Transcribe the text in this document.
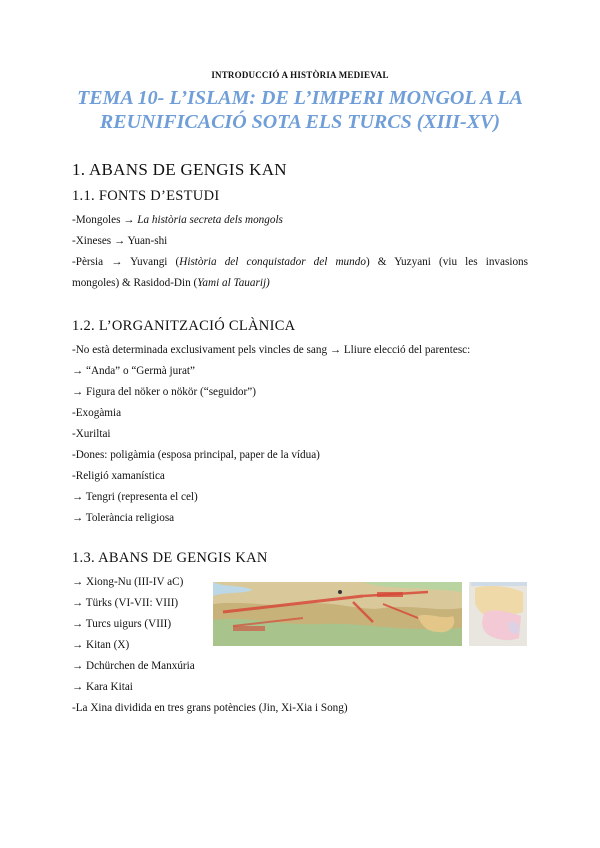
INTRODUCCIÓ A HISTÒRIA MEDIEVAL
TEMA 10- L’ISLAM: DE L’IMPERI MONGOL A LA
REUNIFICACIÓ SOTA ELS TURCS (XIII-XV)
1. ABANS DE GENGIS KAN
1.1. FONTS D’ESTUDI
-Mongoles → La història secreta dels mongols
-Xineses → Yuan-shi
-Pèrsia → Yuvangi (Història del conquistador del mundo) & Yuzyani (viu les invasions
mongoles) & Rasidod-Din (Yami al Tauarij)
1.2. L’ORGANITZACIÓ CLÀNICA
-No està determinada exclusivament pels vincles de sang → Lliure elecció del parentesc:
→ “Anda” o “Germà jurat”
→ Figura del nöker o nökör (“seguidor”)
-Exogàmia
-Xuriltai
-Dones: poligàmia (esposa principal, paper de la vídua)
-Religió xamanística
→ Tengri (representa el cel)
→ Tolerància religiosa
1.3. ABANS DE GENGIS KAN
→ Xiong-Nu (III-IV aC)
→ Türks (VI-VII: VIII)
→ Turcs uigurs (VIII)
→ Kitan (X)
→ Dchürchen de Manxúria
→ Kara Kitai
-La Xina dividida en tres grans potències (Jin, Xi-Xia i Song)
